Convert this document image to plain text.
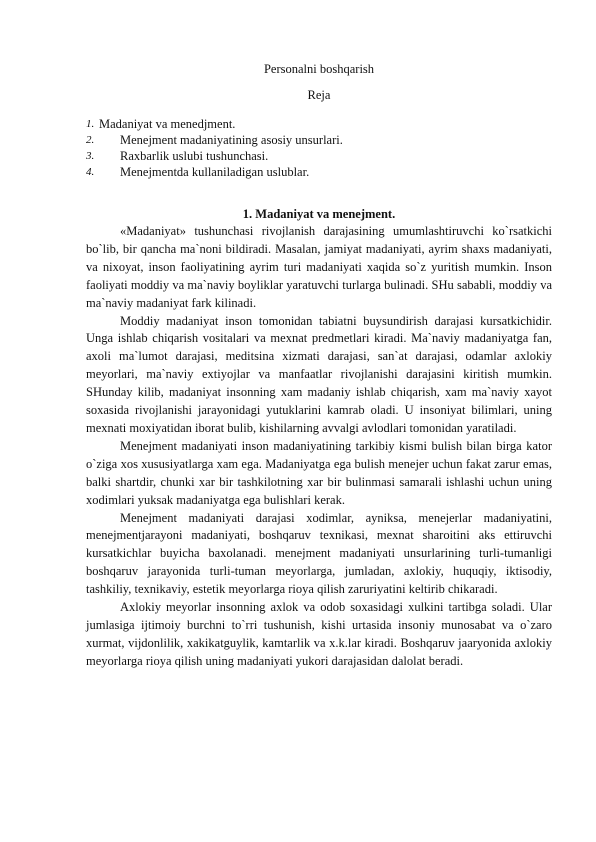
Personalni boshqarish
Reja
1. Madaniyat va menedjment.
2.	Menejment madaniyatining asosiy unsurlari.
3.	Raxbarlik uslubi tushunchasi.
4.	Menejmentda kullaniladigan uslublar.
1. Madaniyat va menejment.

«Madaniyat» tushunchasi rivojlanish darajasining umumlashtiruvchi ko`rsatkichi bo`lib, bir qancha ma`noni bildiradi. Masalan, jamiyat madaniyati, ayrim shaxs madaniyati, va nixoyat, inson faoliyatining ayrim turi madaniyati xaqida so`z yuritish mumkin. Inson faoliyati moddiy va ma`naviy boyliklar yaratuvchi turlarga bulinadi. SHu sababli, moddiy va ma`naviy madaniyat fark kilinadi.

Moddiy madaniyat inson tomonidan tabiatni buysundirish darajasi kursatkichidir. Unga ishlab chiqarish vositalari va mexnat predmetlari kiradi. Ma`naviy madaniyatga fan, axoli ma`lumot darajasi, meditsina xizmati darajasi, san`at darajasi, odamlar axlokiy meyorlari, ma`naviy extiyojlar va manfaatlar rivojlanishi darajasini kiritish mumkin. SHunday kilib, madaniyat insonning xam madaniy ishlab chiqarish, xam ma`naviy xayot soxasida rivojlanishi jarayonidagi yutuklarini kamrab oladi. U insoniyat bilimlari, uning mexnati moxiyatidan iborat bulib, kishilarning avvalgi avlodlari tomonidan yaratiladi.

Menejment madaniyati inson madaniyatining tarkibiy kismi bulish bilan birga kator o`ziga xos xususiyatlarga xam ega. Madaniyatga ega bulish menejer uchun fakat zarur emas, balki shartdir, chunki xar bir tashkilotning xar bir bulinmasi samarali ishlashi uchun uning xodimlari yuksak madaniyatga ega bulishlari kerak.

Menejment madaniyati darajasi xodimlar, ayniksa, menejerlar madaniyatini, menejmentjarayoni madaniyati, boshqaruv texnikasi, mexnat sharoitini aks ettiruvchi kursatkichlar buyicha baxolanadi. menejment madaniyati unsurlarining turli-tumanligi boshqaruv jarayonida turli-tuman meyorlarga, jumladan, axlokiy, huquqiy, iktisodiy, tashkiliy, texnikaviy, estetik meyorlarga rioya qilish zaruriyatini keltirib chikaradi.

Axlokiy meyorlar insonning axlok va odob soxasidagi xulkini tartibga soladi. Ular jumlasiga ijtimoiy burchni to`rri tushunish, kishi urtasida insoniy munosabat va o`zaro xurmat, vijdonlilik, xakikatguylik, kamtarlik va x.k.lar kiradi. Boshqaruv jaaryonida axlokiy meyorlarga rioya qilish uning madaniyati yukori darajasidan dalolat beradi.
